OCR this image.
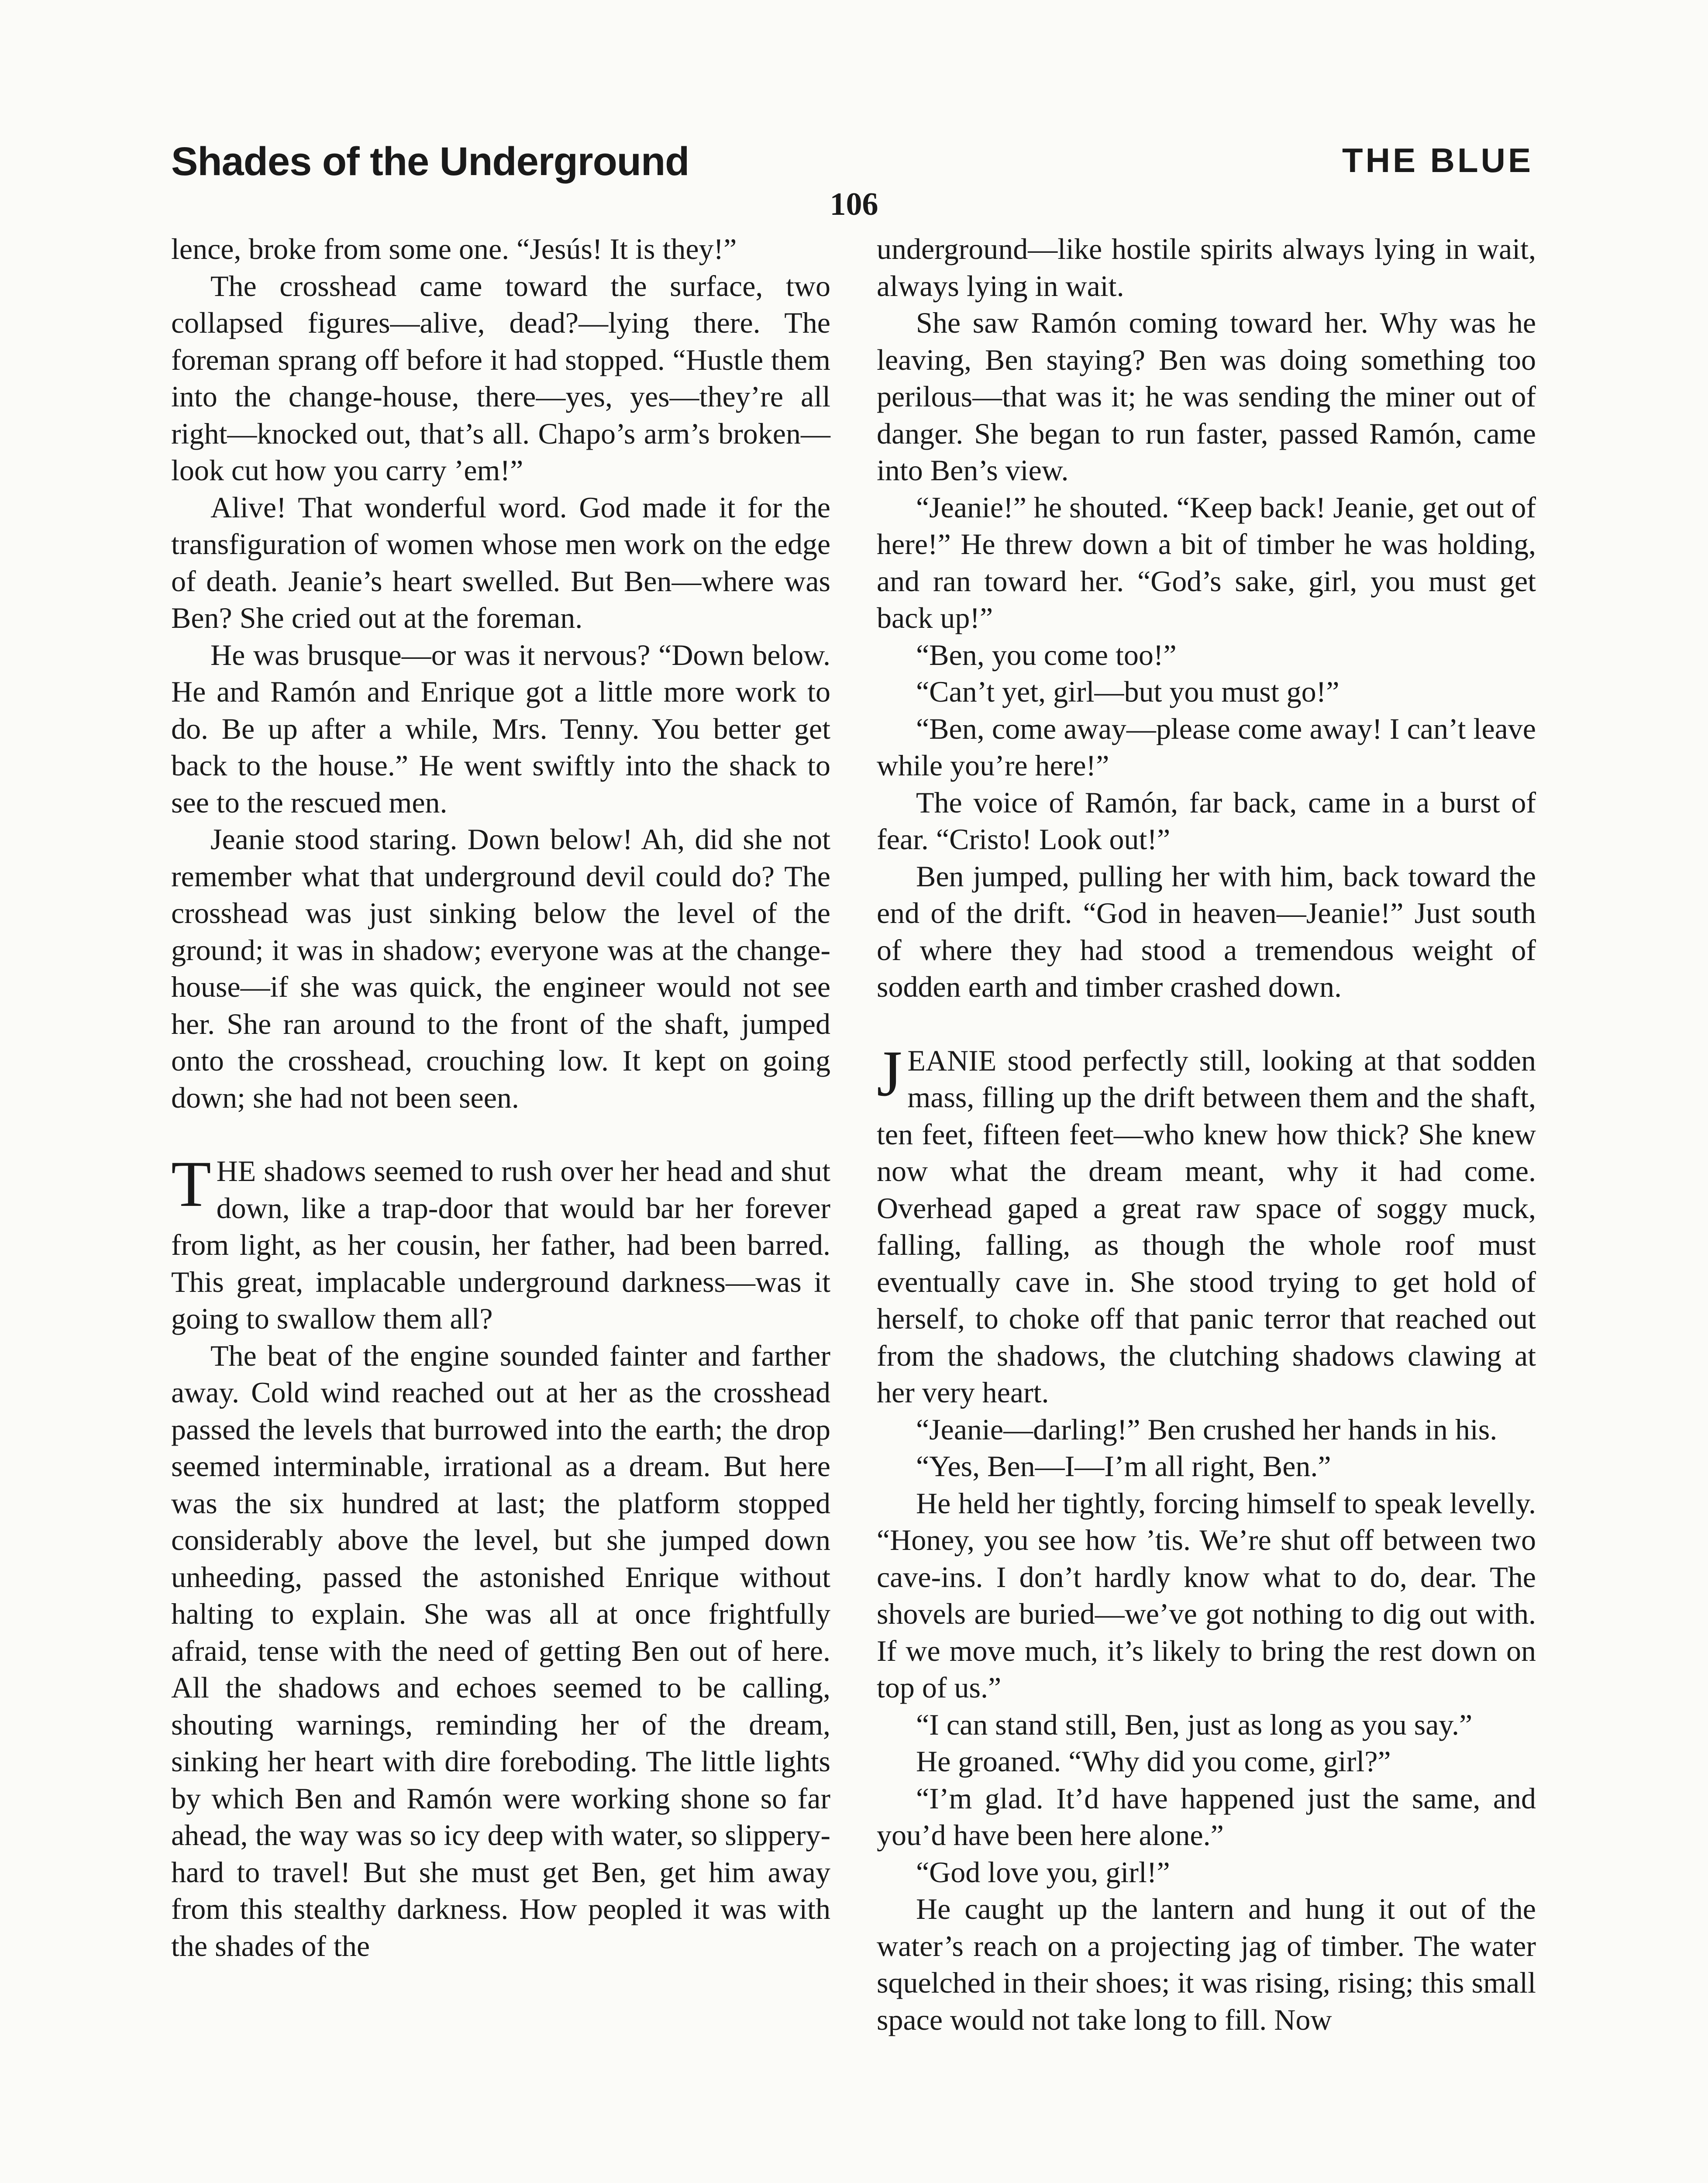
Shades of the Underground	THE BLUE
106

lence, broke from some one. “Jesús! It is they!”

The crosshead came toward the surface, two collapsed figures—alive, dead?—lying there. The foreman sprang off before it had stopped. “Hustle them into the change-house, there—yes, yes—they’re all right—knocked out, that’s all. Chapo’s arm’s broken—look cut how you carry ’em!”

Alive! That wonderful word. God made it for the transfiguration of women whose men work on the edge of death. Jeanie’s heart swelled. But Ben—where was Ben? She cried out at the foreman.

He was brusque—or was it nervous? “Down below. He and Ramón and Enrique got a little more work to do. Be up after a while, Mrs. Tenny. You better get back to the house.” He went swiftly into the shack to see to the rescued men.

Jeanie stood staring. Down below! Ah, did she not remember what that underground devil could do? The crosshead was just sinking below the level of the ground; it was in shadow; everyone was at the change-house—if she was quick, the engineer would not see her. She ran around to the front of the shaft, jumped onto the crosshead, crouching low. It kept on going down; she had not been seen.

THE shadows seemed to rush over her head and shut down, like a trap-door that would bar her forever from light, as her cousin, her father, had been barred. This great, implacable underground darkness—was it going to swallow them all?

The beat of the engine sounded fainter and farther away. Cold wind reached out at her as the crosshead passed the levels that burrowed into the earth; the drop seemed interminable, irrational as a dream. But here was the six hundred at last; the platform stopped considerably above the level, but she jumped down unheeding, passed the astonished Enrique without halting to explain. She was all at once frightfully afraid, tense with the need of getting Ben out of here. All the shadows and echoes seemed to be calling, shouting warnings, reminding her of the dream, sinking her heart with dire foreboding. The little lights by which Ben and Ramón were working shone so far ahead, the way was so icy deep with water, so slippery-hard to travel! But she must get Ben, get him away from this stealthy darkness. How peopled it was with the shades of the

underground—like hostile spirits always lying in wait, always lying in wait.

She saw Ramón coming toward her. Why was he leaving, Ben staying? Ben was doing something too perilous—that was it; he was sending the miner out of danger. She began to run faster, passed Ramón, came into Ben’s view.

“Jeanie!” he shouted. “Keep back! Jeanie, get out of here!” He threw down a bit of timber he was holding, and ran toward her. “God’s sake, girl, you must get back up!”

“Ben, you come too!”

“Can’t yet, girl—but you must go!”

“Ben, come away—please come away! I can’t leave while you’re here!”

The voice of Ramón, far back, came in a burst of fear. “Cristo! Look out!”

Ben jumped, pulling her with him, back toward the end of the drift. “God in heaven—Jeanie!” Just south of where they had stood a tremendous weight of sodden earth and timber crashed down.

JEANIE stood perfectly still, looking at that sodden mass, filling up the drift between them and the shaft, ten feet, fifteen feet—who knew how thick? She knew now what the dream meant, why it had come. Overhead gaped a great raw space of soggy muck, falling, falling, as though the whole roof must eventually cave in. She stood trying to get hold of herself, to choke off that panic terror that reached out from the shadows, the clutching shadows clawing at her very heart.

“Jeanie—darling!” Ben crushed her hands in his.

“Yes, Ben—I—I’m all right, Ben.”

He held her tightly, forcing himself to speak levelly. “Honey, you see how ’tis. We’re shut off between two cave-ins. I don’t hardly know what to do, dear. The shovels are buried—we’ve got nothing to dig out with. If we move much, it’s likely to bring the rest down on top of us.”

“I can stand still, Ben, just as long as you say.”

He groaned. “Why did you come, girl?”

“I’m glad. It’d have happened just the same, and you’d have been here alone.”

“God love you, girl!”

He caught up the lantern and hung it out of the water’s reach on a projecting jag of timber. The water squelched in their shoes; it was rising, rising; this small space would not take long to fill. Now
